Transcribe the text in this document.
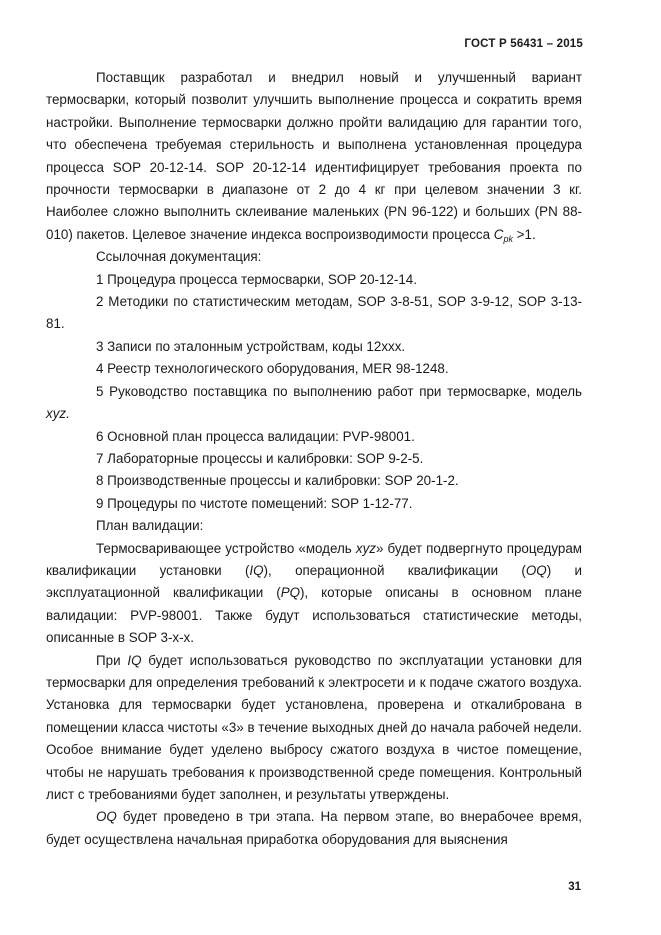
ГОСТ Р 56431 – 2015

Поставщик разработал и внедрил новый и улучшенный вариант термосварки, который позволит улучшить выполнение процесса и сократить время настройки. Выполнение термосварки должно пройти валидацию для гарантии того, что обеспечена требуемая стерильность и выполнена установленная процедура процесса SOP 20-12-14. SOP 20-12-14 идентифицирует требования проекта по прочности термосварки в диапазоне от 2 до 4 кг при целевом значении 3 кг. Наиболее сложно выполнить склеивание маленьких (PN 96-122) и больших (PN 88-010) пакетов. Целевое значение индекса воспроизводимости процесса $C_{pk} >1$.

Ссылочная документация:

1 Процедура процесса термосварки, SOP 20-12-14.

2 Методики по статистическим методам, SOP 3-8-51, SOP 3-9-12, SOP 3-13-81.

3 Записи по эталонным устройствам, коды 12ххх.

4 Реестр технологического оборудования, MER 98-1248.

5 Руководство поставщика по выполнению работ при термосварке, модель xyz.

6 Основной план процесса валидации: PVP-98001.

7 Лабораторные процессы и калибровки: SOP 9-2-5.

8 Производственные процессы и калибровки: SOP 20-1-2.

9 Процедуры по чистоте помещений: SOP 1-12-77.

План валидации:

Термосваривающее устройство «модель xyz» будет подвергнуто процедурам квалификации установки (IQ), операционной квалификации (OQ) и эксплуатационной квалификации (PQ), которые описаны в основном плане валидации: PVP-98001. Также будут использоваться статистические методы, описанные в SOP 3-х-х.

При IQ будет использоваться руководство по эксплуатации установки для термосварки для определения требований к электросети и к подаче сжатого воздуха. Установка для термосварки будет установлена, проверена и откалибрована в помещении класса чистоты «3» в течение выходных дней до начала рабочей недели. Особое внимание будет уделено выбросу сжатого воздуха в чистое помещение, чтобы не нарушать требования к производственной среде помещения. Контрольный лист с требованиями будет заполнен, и результаты утверждены.

OQ будет проведено в три этапа. На первом этапе, во внерабочее время, будет осуществлена начальная приработка оборудования для выяснения

31
